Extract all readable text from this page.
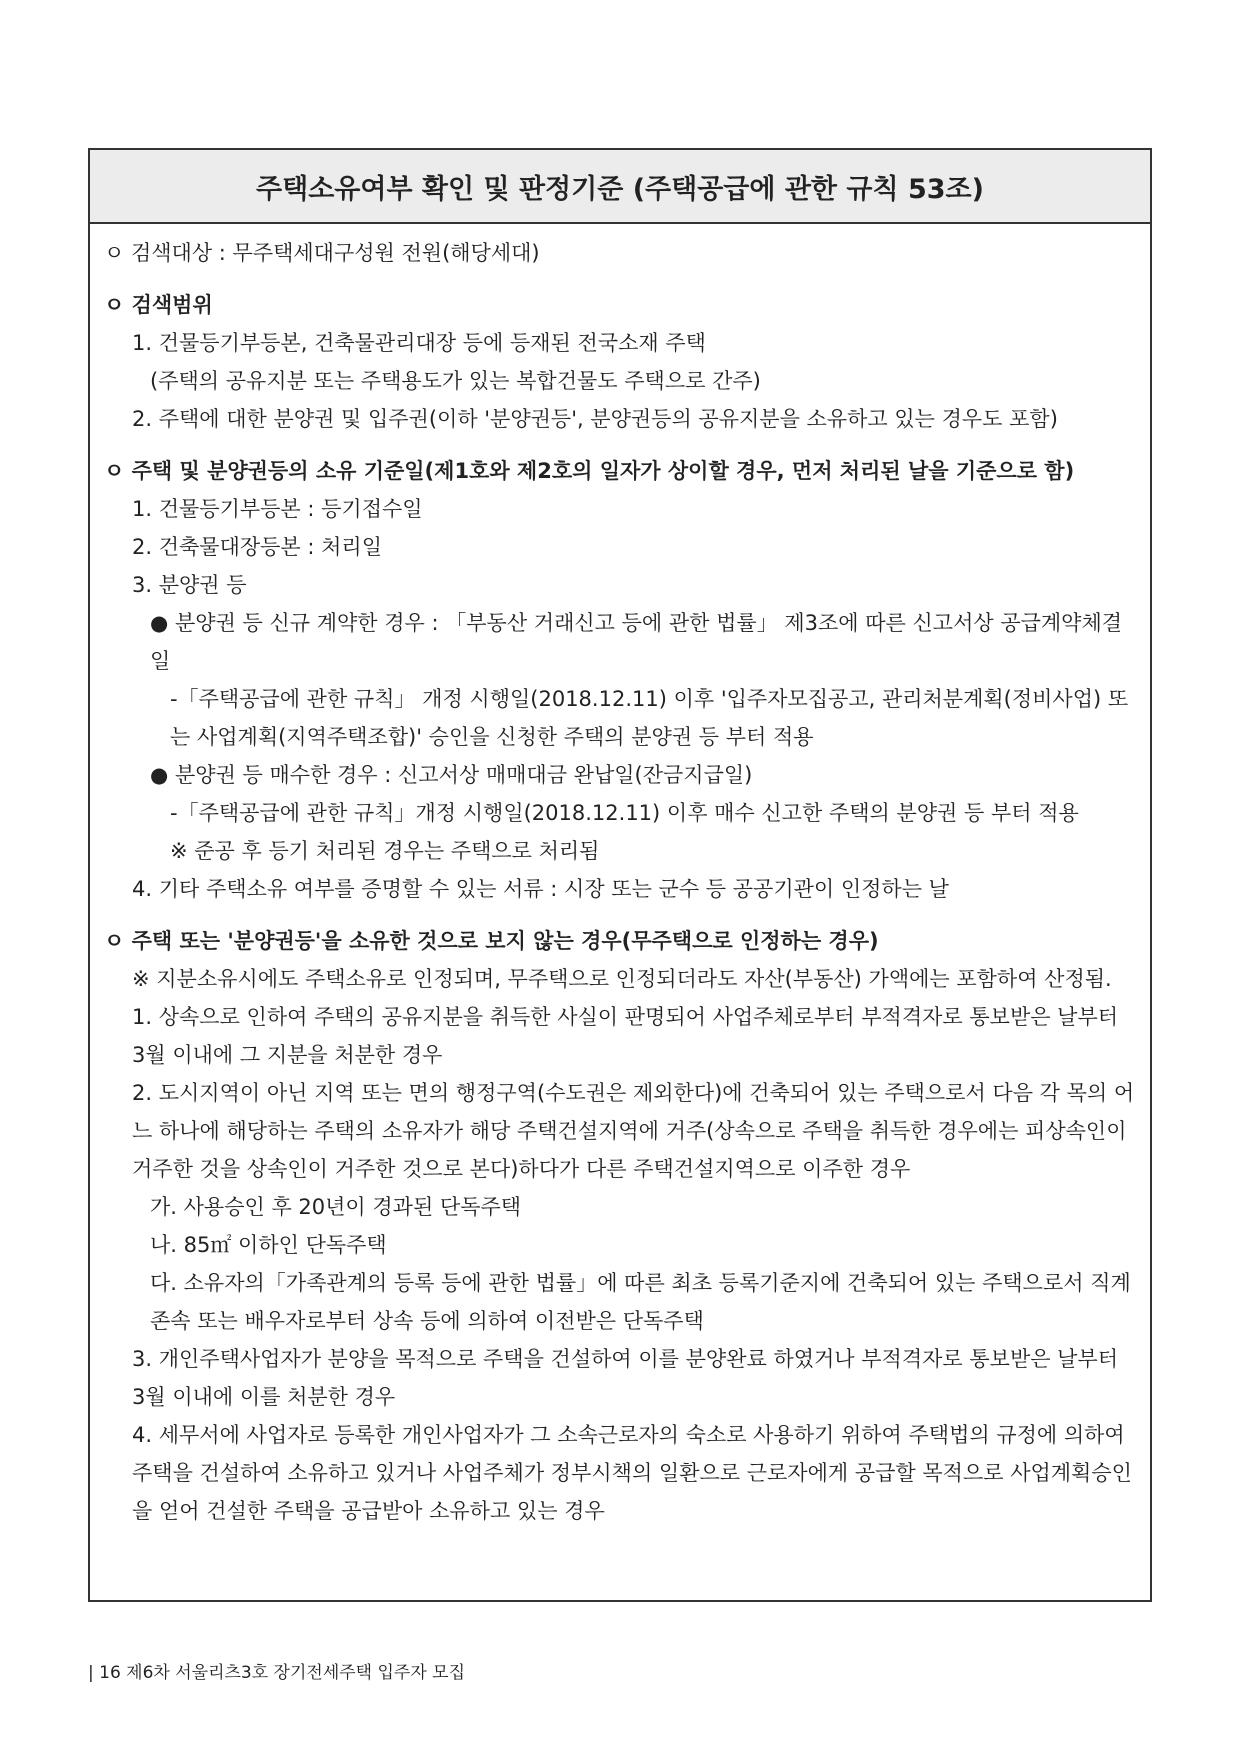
주택소유여부 확인 및 판정기준 (주택공급에 관한 규칙 53조)

ㅇ 검색대상 : 무주택세대구성원 전원(해당세대)

ㅇ 검색범위

1. 건물등기부등본, 건축물관리대장 등에 등재된 전국소재 주택

(주택의 공유지분 또는 주택용도가 있는 복합건물도 주택으로 간주)

2. 주택에 대한 분양권 및 입주권(이하 '분양권등', 분양권등의 공유지분을 소유하고 있는 경우도 포함)

ㅇ 주택 및 분양권등의 소유 기준일(제1호와 제2호의 일자가 상이할 경우, 먼저 처리된 날을 기준으로 함)

1. 건물등기부등본 : 등기접수일

2. 건축물대장등본 : 처리일

3. 분양권 등

● 분양권 등 신규 계약한 경우 : 「부동산 거래신고 등에 관한 법률」 제3조에 따른 신고서상 공급계약체결일

-「주택공급에 관한 규칙」 개정 시행일(2018.12.11) 이후 '입주자모집공고, 관리처분계획(정비사업) 또는 사업계획(지역주택조합)' 승인을 신청한 주택의 분양권 등 부터 적용

● 분양권 등 매수한 경우 : 신고서상 매매대금 완납일(잔금지급일)

-「주택공급에 관한 규칙」개정 시행일(2018.12.11) 이후 매수 신고한 주택의 분양권 등 부터 적용

※ 준공 후 등기 처리된 경우는 주택으로 처리됨

4. 기타 주택소유 여부를 증명할 수 있는 서류 : 시장 또는 군수 등 공공기관이 인정하는 날

ㅇ 주택 또는 '분양권등'을 소유한 것으로 보지 않는 경우(무주택으로 인정하는 경우)

※ 지분소유시에도 주택소유로 인정되며, 무주택으로 인정되더라도 자산(부동산) 가액에는 포함하여 산정됨.

1. 상속으로 인하여 주택의 공유지분을 취득한 사실이 판명되어 사업주체로부터 부적격자로 통보받은 날부터 3월 이내에 그 지분을 처분한 경우

2. 도시지역이 아닌 지역 또는 면의 행정구역(수도권은 제외한다)에 건축되어 있는 주택으로서 다음 각 목의 어느 하나에 해당하는 주택의 소유자가 해당 주택건설지역에 거주(상속으로 주택을 취득한 경우에는 피상속인이 거주한 것을 상속인이 거주한 것으로 본다)하다가 다른 주택건설지역으로 이주한 경우

가. 사용승인 후 20년이 경과된 단독주택

나. 85㎡ 이하인 단독주택

다. 소유자의「가족관계의 등록 등에 관한 법률」에 따른 최초 등록기준지에 건축되어 있는 주택으로서 직계존속 또는 배우자로부터 상속 등에 의하여 이전받은 단독주택

3. 개인주택사업자가 분양을 목적으로 주택을 건설하여 이를 분양완료 하였거나 부적격자로 통보받은 날부터 3월 이내에 이를 처분한 경우

4. 세무서에 사업자로 등록한 개인사업자가 그 소속근로자의 숙소로 사용하기 위하여 주택법의 규정에 의하여 주택을 건설하여 소유하고 있거나 사업주체가 정부시책의 일환으로 근로자에게 공급할 목적으로 사업계획승인을 얻어 건설한 주택을 공급받아 소유하고 있는 경우

| 16 제6차 서울리츠3호 장기전세주택 입주자 모집
